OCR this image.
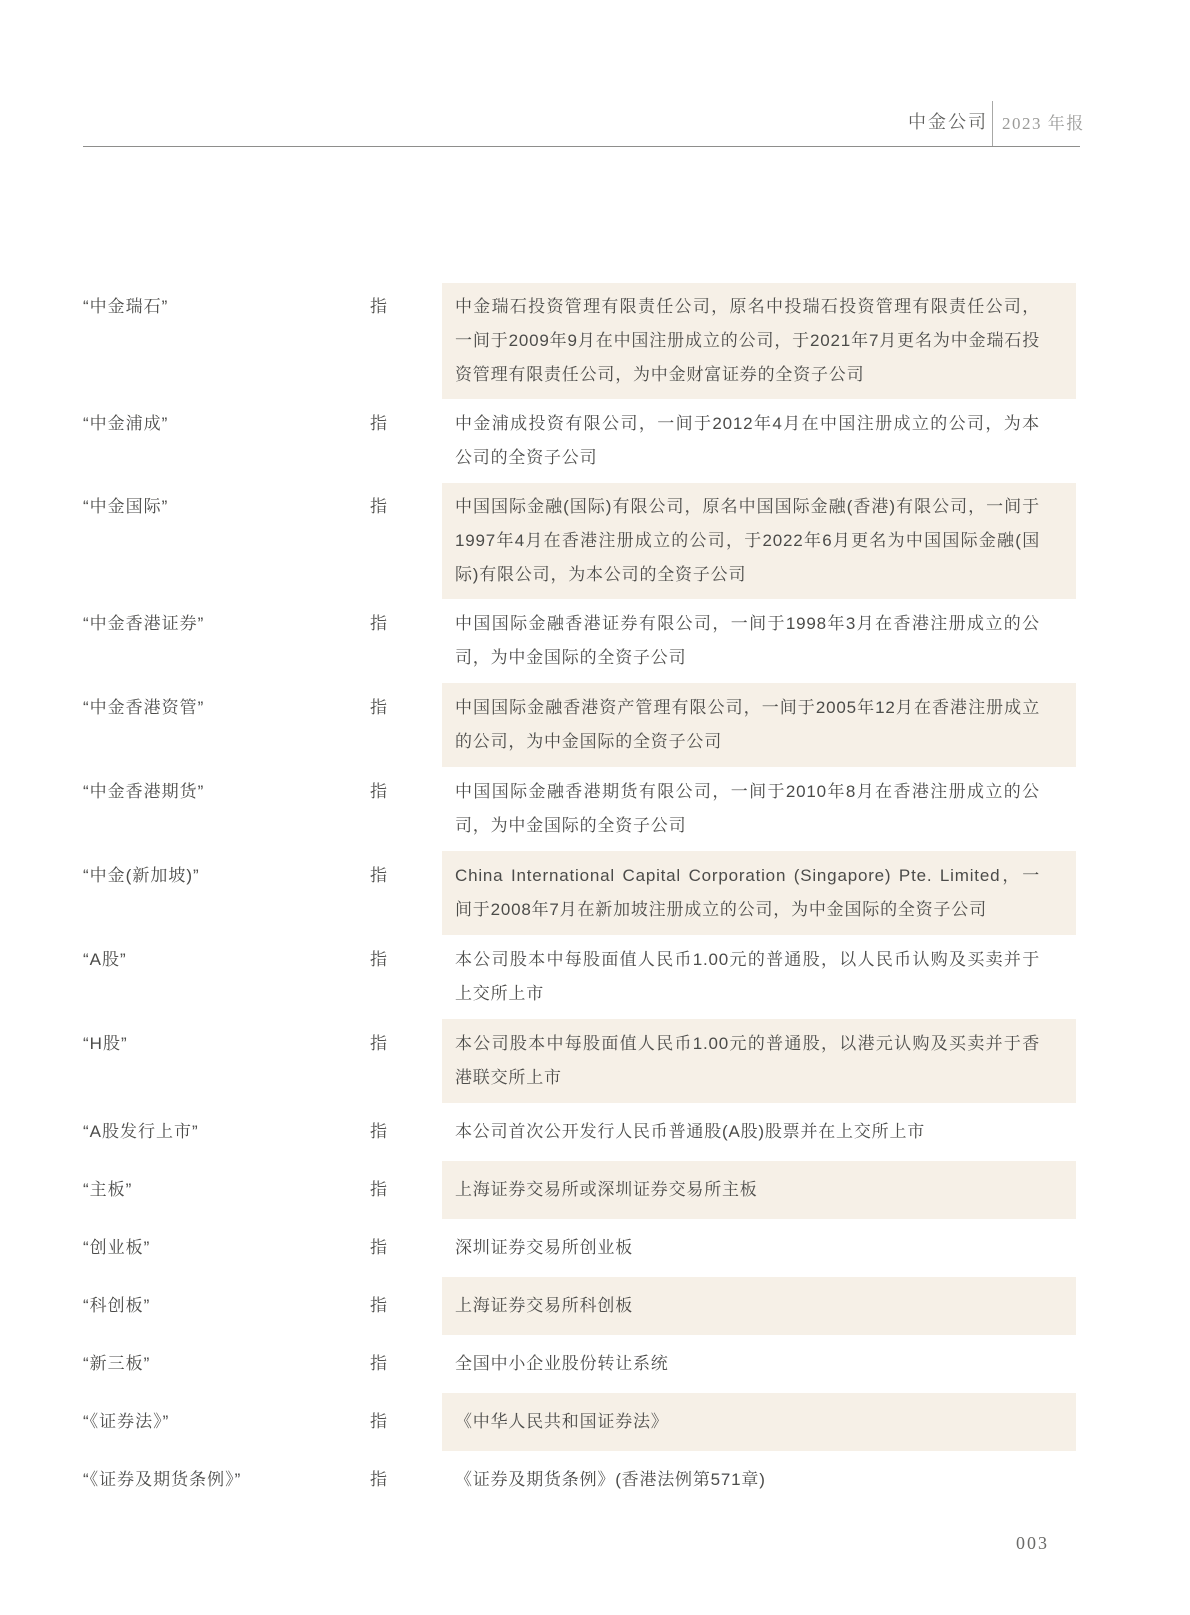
中金公司 2023 年报
“中金瑞石”	指	中金瑞石投资管理有限责任公司，原名中投瑞石投资管理有限责任公司，一间于2009年9月在中国注册成立的公司，于2021年7月更名为中金瑞石投资管理有限责任公司，为中金财富证券的全资子公司
“中金浦成”	指	中金浦成投资有限公司，一间于2012年4月在中国注册成立的公司，为本公司的全资子公司
“中金国际”	指	中国国际金融(国际)有限公司，原名中国国际金融(香港)有限公司，一间于1997年4月在香港注册成立的公司，于2022年6月更名为中国国际金融(国际)有限公司，为本公司的全资子公司
“中金香港证券”	指	中国国际金融香港证券有限公司，一间于1998年3月在香港注册成立的公司，为中金国际的全资子公司
“中金香港资管”	指	中国国际金融香港资产管理有限公司，一间于2005年12月在香港注册成立的公司，为中金国际的全资子公司
“中金香港期货”	指	中国国际金融香港期货有限公司，一间于2010年8月在香港注册成立的公司，为中金国际的全资子公司
“中金(新加坡)”	指	China International Capital Corporation (Singapore) Pte. Limited，一间于2008年7月在新加坡注册成立的公司，为中金国际的全资子公司
“A股”	指	本公司股本中每股面值人民币1.00元的普通股，以人民币认购及买卖并于上交所上市
“H股”	指	本公司股本中每股面值人民币1.00元的普通股，以港元认购及买卖并于香港联交所上市
“A股发行上市”	指	本公司首次公开发行人民币普通股(A股)股票并在上交所上市
“主板”	指	上海证券交易所或深圳证券交易所主板
“创业板”	指	深圳证券交易所创业板
“科创板”	指	上海证券交易所科创板
“新三板”	指	全国中小企业股份转让系统
“《证券法》”	指	《中华人民共和国证券法》
“《证券及期货条例》”	指	《证券及期货条例》(香港法例第571章)
003
